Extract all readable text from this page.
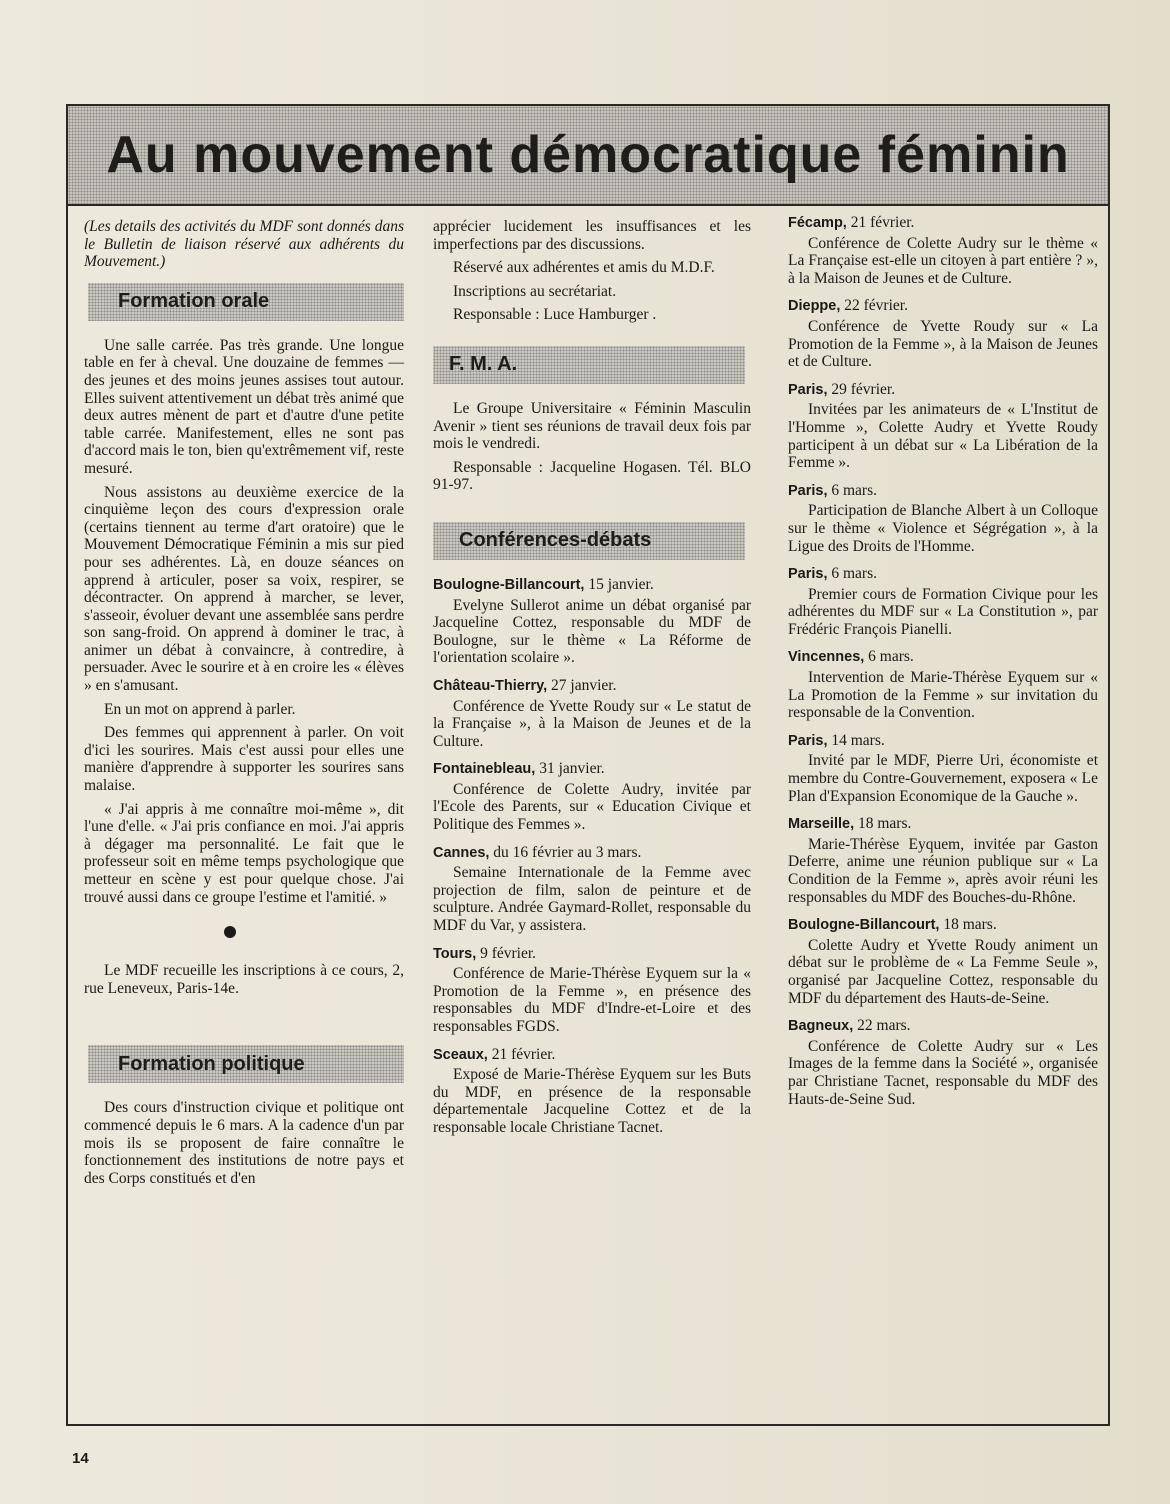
Au mouvement démocratique féminin

(Les details des activités du MDF sont donnés dans le Bulletin de liaison réservé aux adhérents du Mouvement.)

Formation orale

Une salle carrée. Pas très grande. Une longue table en fer à cheval. Une douzaine de femmes — des jeunes et des moins jeunes assises tout autour. Elles suivent attentivement un débat très animé que deux autres mènent de part et d'autre d'une petite table carrée. Manifestement, elles ne sont pas d'accord mais le ton, bien qu'extrêmement vif, reste mesuré.

Nous assistons au deuxième exercice de la cinquième leçon des cours d'expression orale (certains tiennent au terme d'art oratoire) que le Mouvement Démocratique Féminin a mis sur pied pour ses adhérentes. Là, en douze séances on apprend à articuler, poser sa voix, respirer, se décontracter. On apprend à marcher, se lever, s'asseoir, évoluer devant une assemblée sans perdre son sang-froid. On apprend à dominer le trac, à animer un débat à convaincre, à contredire, à persuader. Avec le sourire et à en croire les « élèves » en s'amusant.

En un mot on apprend à parler.

Des femmes qui apprennent à parler. On voit d'ici les sourires. Mais c'est aussi pour elles une manière d'apprendre à supporter les sourires sans malaise.

« J'ai appris à me connaître moi-même », dit l'une d'elle. « J'ai pris confiance en moi. J'ai appris à dégager ma personnalité. Le fait que le professeur soit en même temps psychologique que metteur en scène y est pour quelque chose. J'ai trouvé aussi dans ce groupe l'estime et l'amitié. »

Le MDF recueille les inscriptions à ce cours, 2, rue Leneveux, Paris-14e.

Formation politique

Des cours d'instruction civique et politique ont commencé depuis le 6 mars. A la cadence d'un par mois ils se proposent de faire connaître le fonctionnement des institutions de notre pays et des Corps constitués et d'en

apprécier lucidement les insuffisances et les imperfections par des discussions.

Réservé aux adhérentes et amis du M.D.F.

Inscriptions au secrétariat.

Responsable : Luce Hamburger .

F. M. A.

Le Groupe Universitaire « Féminin Masculin Avenir » tient ses réunions de travail deux fois par mois le vendredi.

Responsable : Jacqueline Hogasen. Tél. BLO 91-97.

Conférences-débats

Boulogne-Billancourt, 15 janvier.

Evelyne Sullerot anime un débat organisé par Jacqueline Cottez, responsable du MDF de Boulogne, sur le thème « La Réforme de l'orientation scolaire ».

Château-Thierry, 27 janvier.

Conférence de Yvette Roudy sur « Le statut de la Française », à la Maison de Jeunes et de la Culture.

Fontainebleau, 31 janvier.

Conférence de Colette Audry, invitée par l'Ecole des Parents, sur « Education Civique et Politique des Femmes ».

Cannes, du 16 février au 3 mars.

Semaine Internationale de la Femme avec projection de film, salon de peinture et de sculpture. Andrée Gaymard-Rollet, responsable du MDF du Var, y assistera.

Tours, 9 février.

Conférence de Marie-Thérèse Eyquem sur la « Promotion de la Femme », en présence des responsables du MDF d'Indre-et-Loire et des responsables FGDS.

Sceaux, 21 février.

Exposé de Marie-Thérèse Eyquem sur les Buts du MDF, en présence de la responsable départementale Jacqueline Cottez et de la responsable locale Christiane Tacnet.

Fécamp, 21 février.

Conférence de Colette Audry sur le thème « La Française est-elle un citoyen à part entière ? », à la Maison de Jeunes et de Culture.

Dieppe, 22 février.

Conférence de Yvette Roudy sur « La Promotion de la Femme », à la Maison de Jeunes et de Culture.

Paris, 29 février.

Invitées par les animateurs de « L'Institut de l'Homme », Colette Audry et Yvette Roudy participent à un débat sur « La Libération de la Femme ».

Paris, 6 mars.

Participation de Blanche Albert à un Colloque sur le thème « Violence et Ségrégation », à la Ligue des Droits de l'Homme.

Paris, 6 mars.

Premier cours de Formation Civique pour les adhérentes du MDF sur « La Constitution », par Frédéric François Pianelli.

Vincennes, 6 mars.

Intervention de Marie-Thérèse Eyquem sur « La Promotion de la Femme » sur invitation du responsable de la Convention.

Paris, 14 mars.

Invité par le MDF, Pierre Uri, économiste et membre du Contre-Gouvernement, exposera « Le Plan d'Expansion Economique de la Gauche ».

Marseille, 18 mars.

Marie-Thérèse Eyquem, invitée par Gaston Deferre, anime une réunion publique sur « La Condition de la Femme », après avoir réuni les responsables du MDF des Bouches-du-Rhône.

Boulogne-Billancourt, 18 mars.

Colette Audry et Yvette Roudy animent un débat sur le problème de « La Femme Seule », organisé par Jacqueline Cottez, responsable du MDF du département des Hauts-de-Seine.

Bagneux, 22 mars.

Conférence de Colette Audry sur « Les Images de la femme dans la Société », organisée par Christiane Tacnet, responsable du MDF des Hauts-de-Seine Sud.

14
